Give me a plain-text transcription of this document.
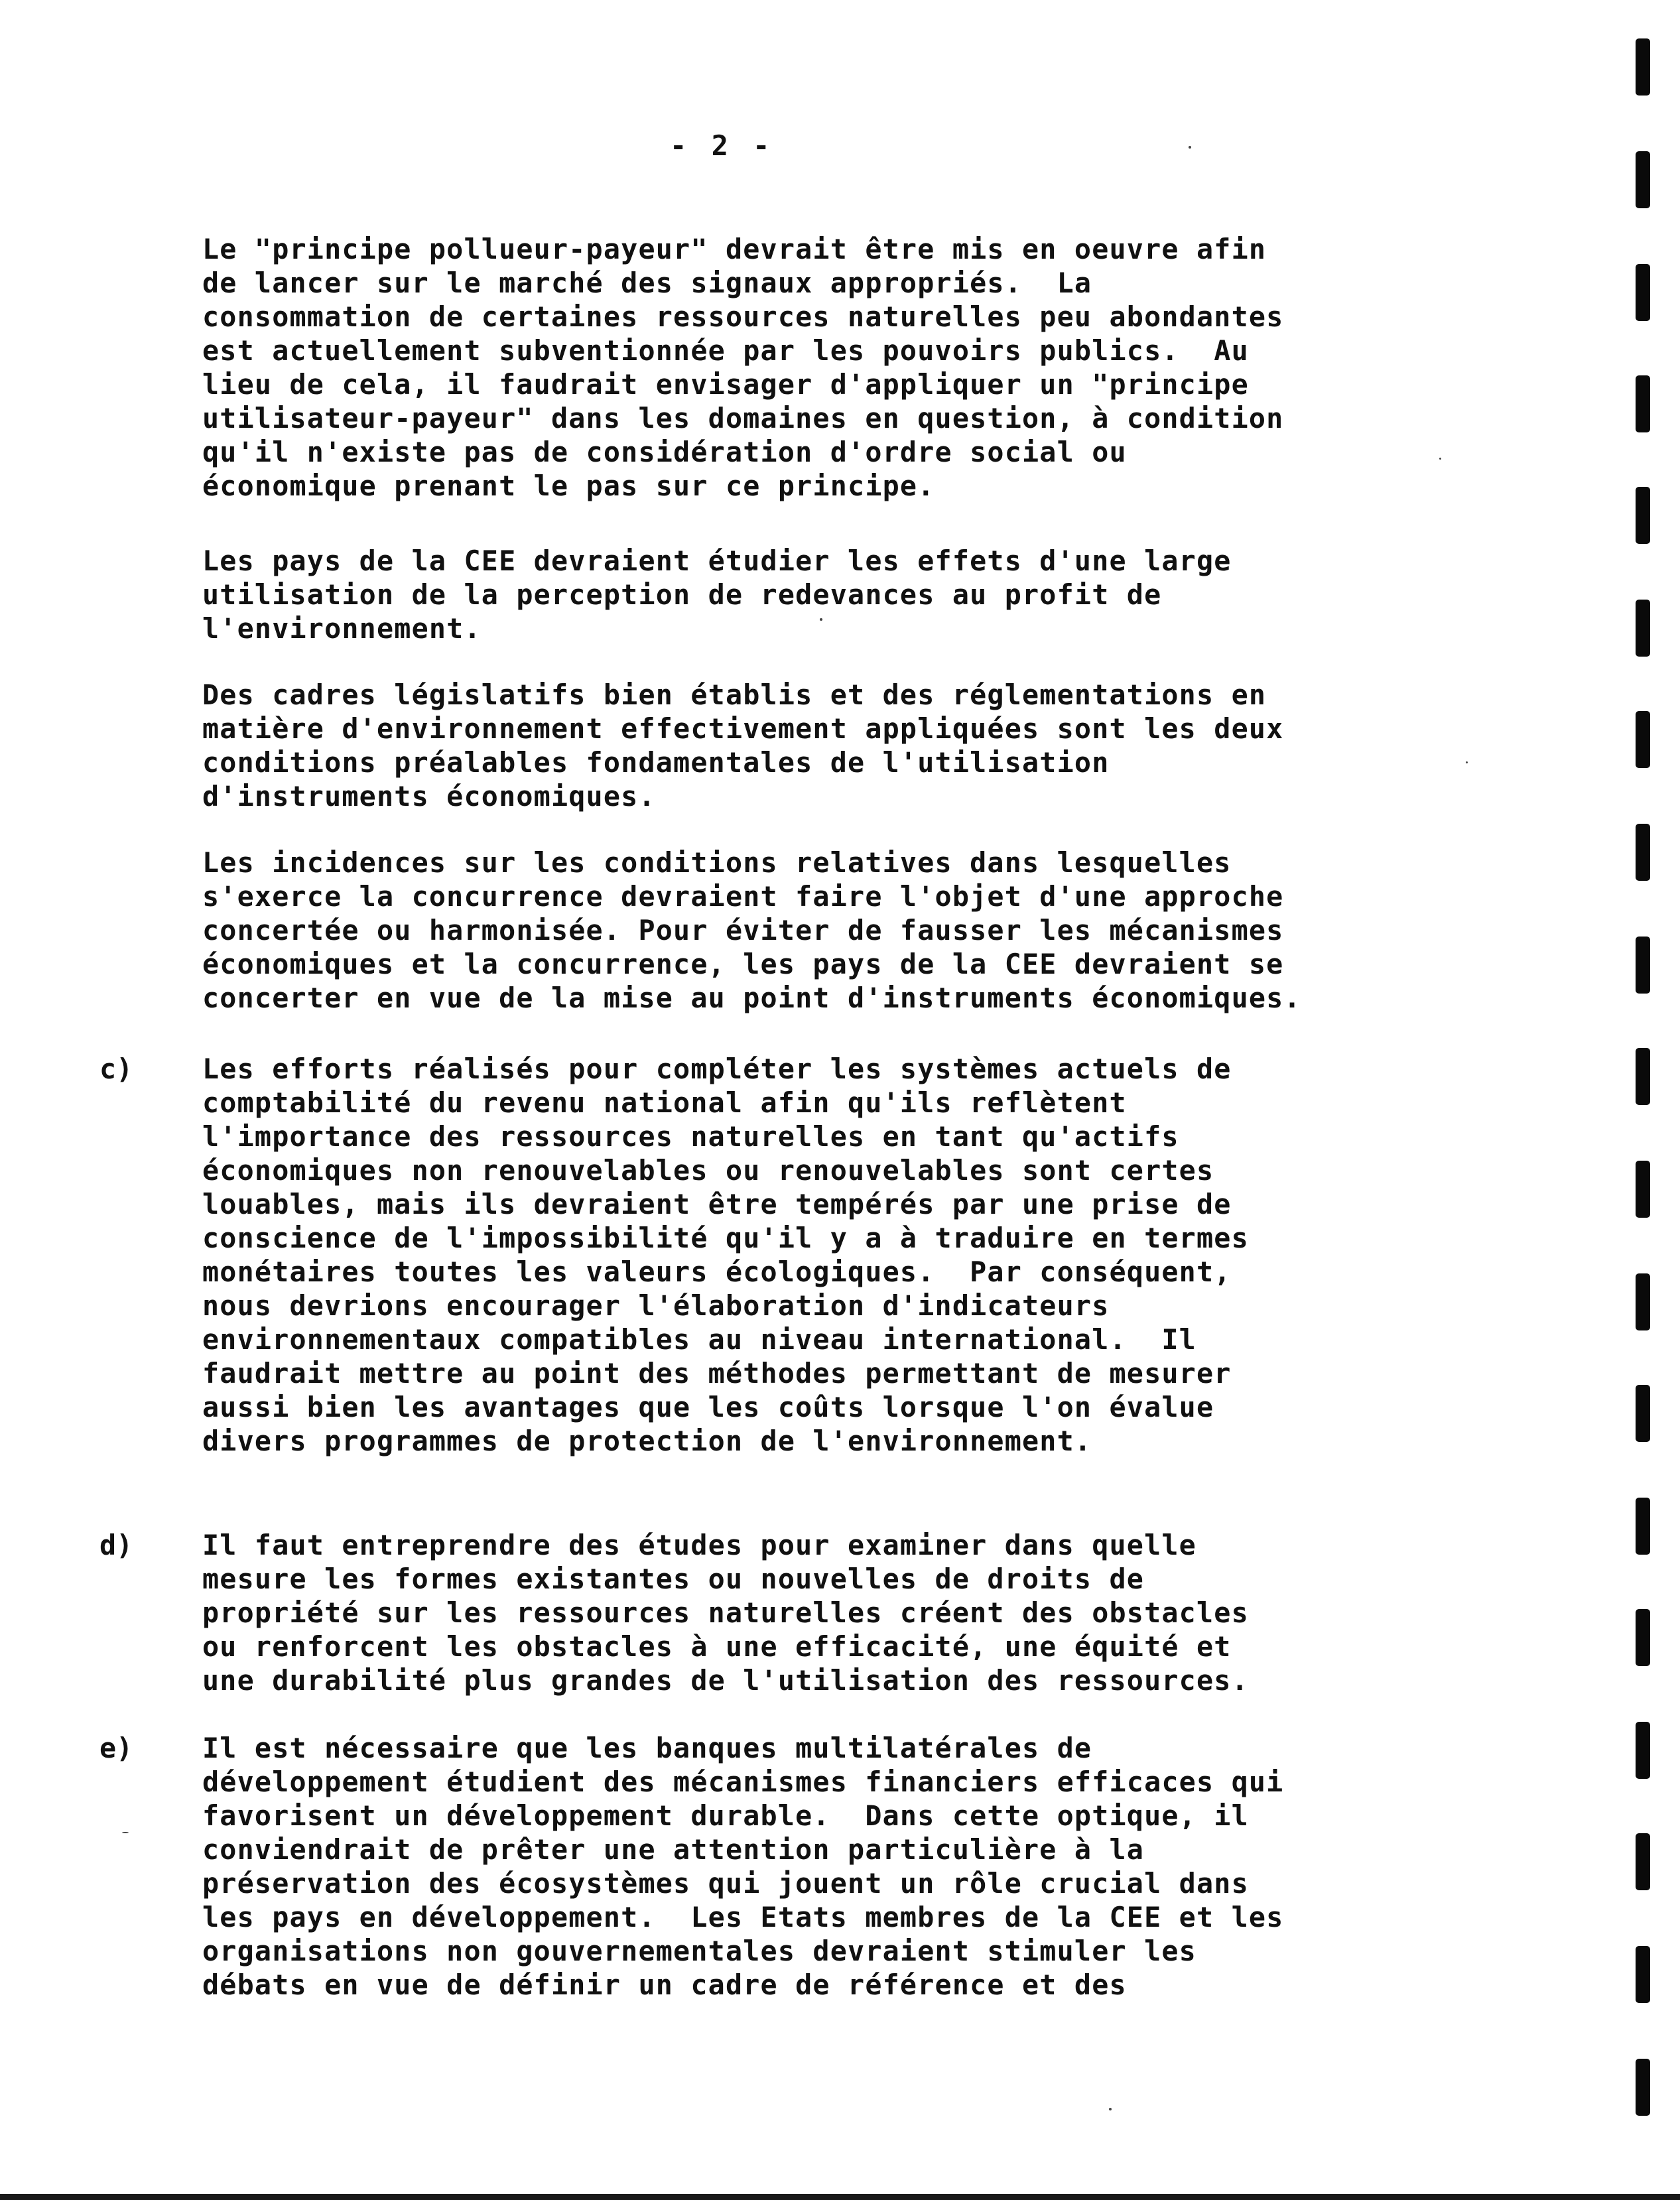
- 2 -
Le "principe pollueur-payeur" devrait être mis en oeuvre afin
de lancer sur le marché des signaux appropriés.  La
consommation de certaines ressources naturelles peu abondantes
est actuellement subventionnée par les pouvoirs publics.  Au
lieu de cela, il faudrait envisager d'appliquer un "principe
utilisateur-payeur" dans les domaines en question, à condition
qu'il n'existe pas de considération d'ordre social ou
économique prenant le pas sur ce principe.
Les pays de la CEE devraient étudier les effets d'une large
utilisation de la perception de redevances au profit de
l'environnement.
Des cadres législatifs bien établis et des réglementations en
matière d'environnement effectivement appliquées sont les deux
conditions préalables fondamentales de l'utilisation
d'instruments économiques.
Les incidences sur les conditions relatives dans lesquelles
s'exerce la concurrence devraient faire l'objet d'une approche
concertée ou harmonisée. Pour éviter de fausser les mécanismes
économiques et la concurrence, les pays de la CEE devraient se
concerter en vue de la mise au point d'instruments économiques.
c)	Les efforts réalisés pour compléter les systèmes actuels de
comptabilité du revenu national afin qu'ils reflètent
l'importance des ressources naturelles en tant qu'actifs
économiques non renouvelables ou renouvelables sont certes
louables, mais ils devraient être tempérés par une prise de
conscience de l'impossibilité qu'il y a à traduire en termes
monétaires toutes les valeurs écologiques.  Par conséquent,
nous devrions encourager l'élaboration d'indicateurs
environnementaux compatibles au niveau international.  Il
faudrait mettre au point des méthodes permettant de mesurer
aussi bien les avantages que les coûts lorsque l'on évalue
divers programmes de protection de l'environnement.
d)	Il faut entreprendre des études pour examiner dans quelle
mesure les formes existantes ou nouvelles de droits de
propriété sur les ressources naturelles créent des obstacles
ou renforcent les obstacles à une efficacité, une équité et
une durabilité plus grandes de l'utilisation des ressources.
e)	Il est nécessaire que les banques multilatérales de
développement étudient des mécanismes financiers efficaces qui
favorisent un développement durable.  Dans cette optique, il
conviendrait de prêter une attention particulière à la
préservation des écosystèmes qui jouent un rôle crucial dans
les pays en développement.  Les Etats membres de la CEE et les
organisations non gouvernementales devraient stimuler les
débats en vue de définir un cadre de référence et des
